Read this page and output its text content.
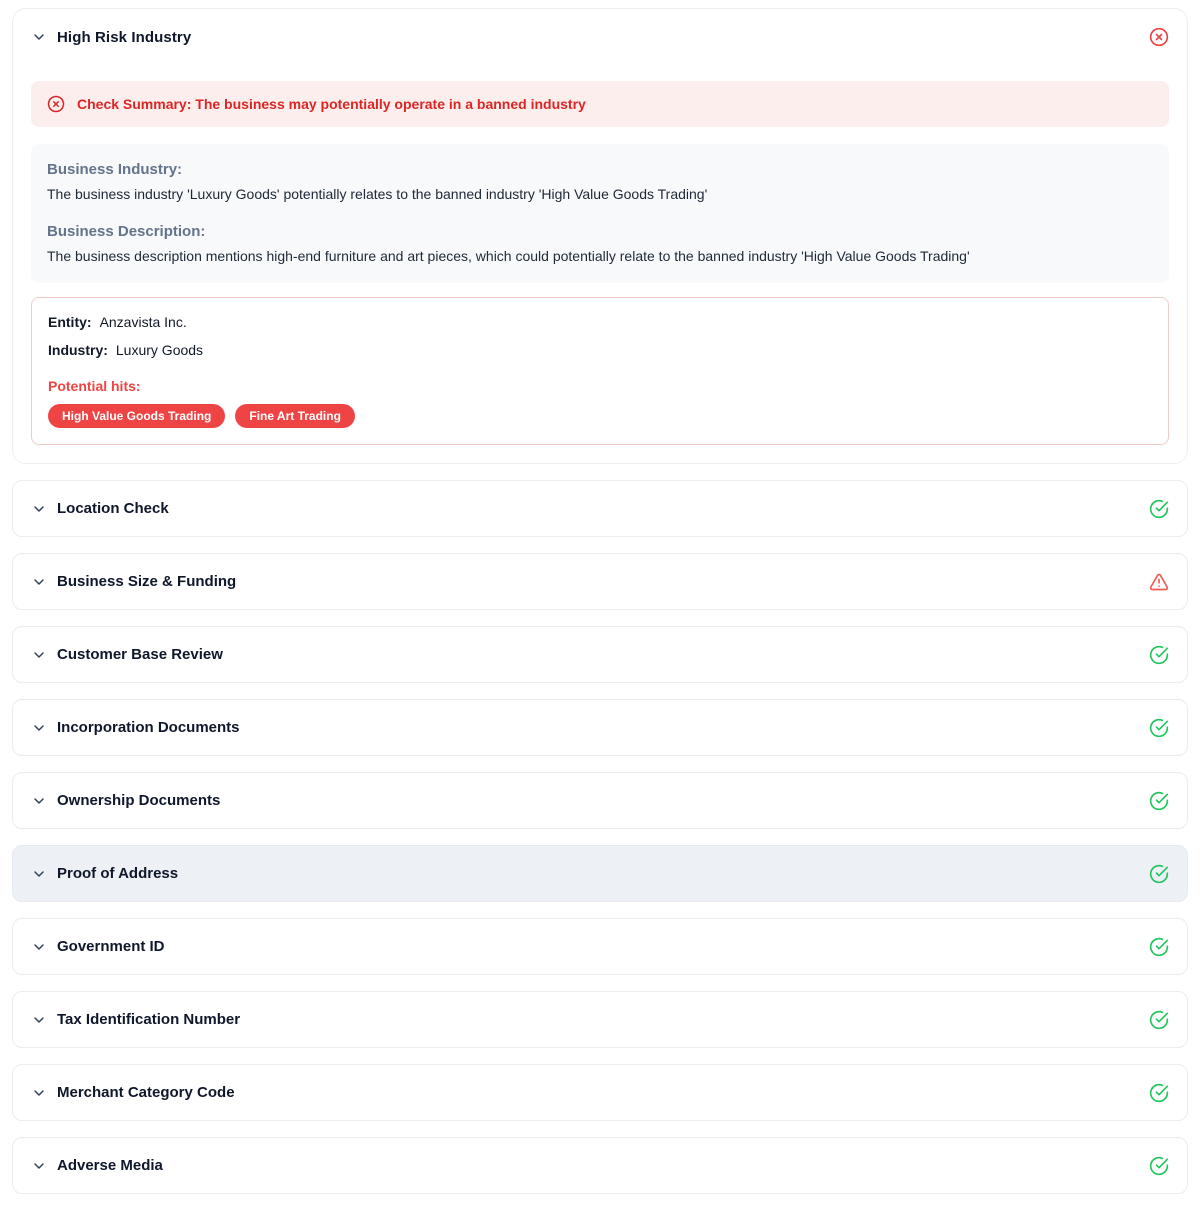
High Risk Industry
Check Summary: The business may potentially operate in a banned industry
Business Industry:
The business industry 'Luxury Goods' potentially relates to the banned industry 'High Value Goods Trading'
Business Description:
The business description mentions high-end furniture and art pieces, which could potentially relate to the banned industry 'High Value Goods Trading'
Entity: Anzavista Inc.
Industry: Luxury Goods
Potential hits:
High Value Goods Trading	Fine Art Trading
Location Check
Business Size & Funding
Customer Base Review
Incorporation Documents
Ownership Documents
Proof of Address
Government ID
Tax Identification Number
Merchant Category Code
Adverse Media
